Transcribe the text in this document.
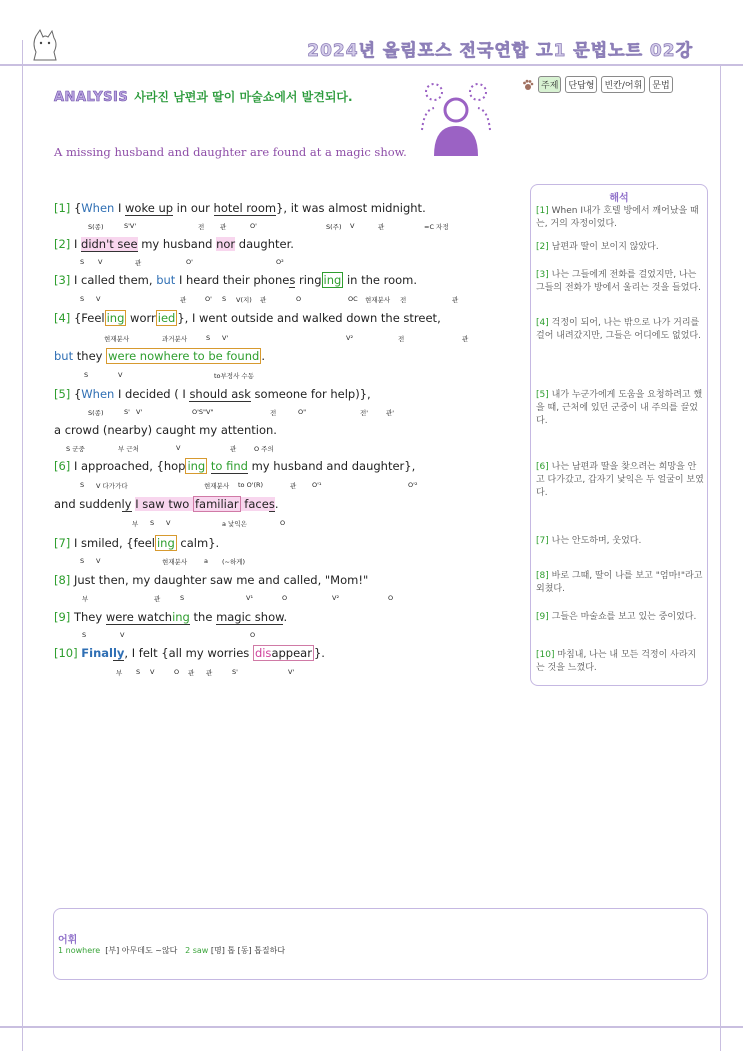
2024년 올림포스 전국연합 고1 문법노트 02강
ANALYSIS 사라진 남편과 딸이 마술쇼에서 발견되다.
주제	단답형	빈칸/어휘	문법
A missing husband and daughter are found at a magic show.
[1] {When I woke up in our hotel room}, it was almost midnight.
S(종)	S'V'	전 관	O'	S(주) V	관	=C 자정
[2] I didn't see my husband nor daughter.
S V	관	O'	O²
[3] I called them, but I heard their phones ring ing in the room.
S V	관	O' S V(지) 관	O	OC 현재분사 전	관
[4] {Feel ing worr ied }, I went outside and walked down the street,
현재분사	과거분사	S V'	V²	전	관
but they were nowhere to be found .
S	V	to부정사 수동
[5] {When I decided ( I should ask someone for help)},
S(종)	S' V'	O'S"V"	전	O"	전'	관'
a crowd (nearby) caught my attention.
S 군중	부 근처	V	관	O 주의
[6] I approached, {hop ing to find my husband and daughter},
S V 다가가다	현재분사 to O'(R)	관 O'¹	O'²
and suddenly I saw two familiar faces.
부 S V	a 낯익은	O
[7] I smiled, {feel ing calm}.
S V	현재분사	a (~하게)
[8] Just then, my daughter saw me and called, "Mom!"
부	관	S	V¹	O	V²	O
[9] They were watching the magic show.
S	V	O
[10] Finally, I felt {all my worries disappear }.
부 S V	O 관 관	S'	V'
해석
[1] When I내가 호텔 방에서 깨어났을 때는, 거의 자정이었다.
[2] 남편과 딸이 보이지 않았다.
[3] 나는 그들에게 전화를 걸었지만, 나는 그들의 전화가 방에서 울리는 것을 들었다.
[4] 걱정이 되어, 나는 밖으로 나가 거리를 걸어 내려갔지만, 그들은 어디에도 없었다.
[5] 내가 누군가에게 도움을 요청하려고 했을 때, 근처에 있던 군중이 내 주의를 끌었다.
[6] 나는 남편과 딸을 찾으려는 희망을 안고 다가갔고, 갑자기 낯익은 두 얼굴이 보였다.
[7] 나는 안도하며, 웃었다.
[8] 바로 그때, 딸이 나를 보고 "엄마!"라고 외쳤다.
[9] 그들은 마술쇼를 보고 있는 중이었다.
[10] 마침내, 나는 내 모든 걱정이 사라지는 것을 느꼈다.
어휘
1 nowhere [부] 아무데도 ~않다 2 saw [명] 톱 [동] 톱질하다
